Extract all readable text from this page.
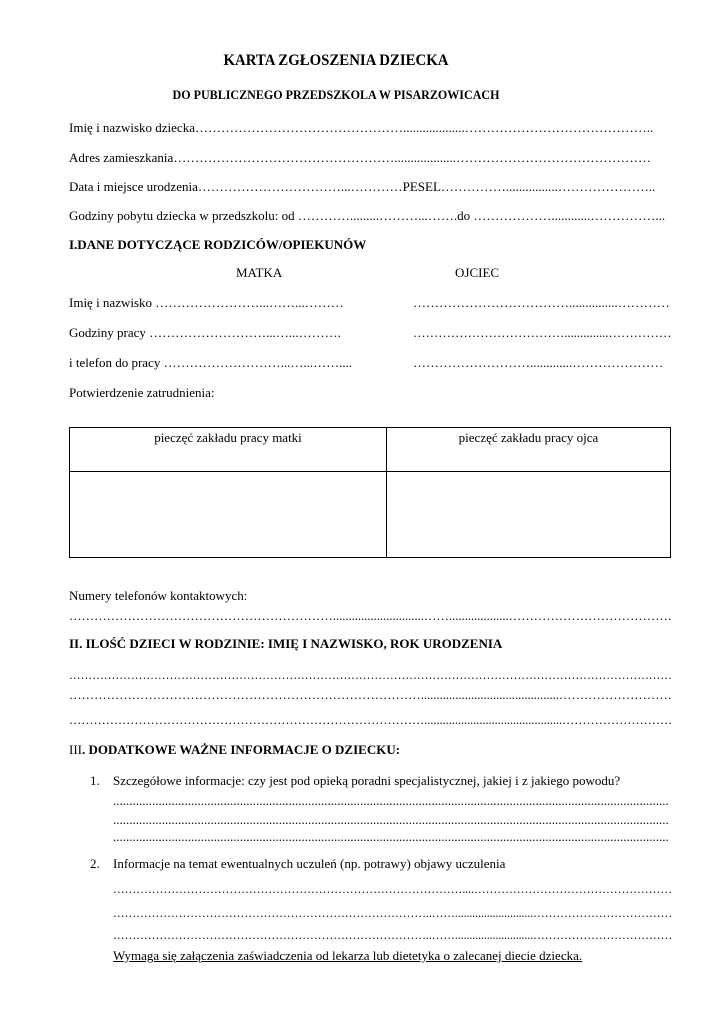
KARTA ZGŁOSZENIA DZIECKA
DO PUBLICZNEGO PRZEDSZKOLA W PISARZOWICACH
Imię i nazwisko dziecka…………………………………………...................……………………………………..
Adres zamieszkania……………………………………………...................………………………………………
Data i miejsce urodzenia……………………………...…………PESEL……………................…………………..
Godziny pobytu dziecka w przedszkolu: od ………….........………...…….do ………………............……………...
I.DANE DOTYCZĄCE RODZICÓW/OPIEKUNÓW
MATKA	OJCIEC
Imię i nazwisko ……………………...……...………	………………………………...............…………
Godziny pracy ………………………...…...……….	………………………………..............……………
i telefon do pracy ………………………...…...……....	……………………….............…………………
Potwierdzenie zatrudnienia:
pieczęć zakładu pracy matki	pieczęć zakładu pracy ojca
Numery telefonów kontaktowych:
……………………………………………………….............................……...................…………………………………
II. ILOŚĆ DZIECI W RODZINIE: IMIĘ I NAZWISKO, ROK URODZENIA
…………………………………………………………………………………………………………………………………………
…………………………………………………………………………............................................………………………
…………………………………………………………………………….............................................………………………
III. DODATKOWE WAŻNE INFORMACJE O DZIECKU:
1. Szczegółowe informacje: czy jest pod opieką poradni specjalistycznej, jakiej i z jakiego powodu?
...........................................................................................................................................................................
...........................................................................................................................................................................
...........................................................................................................................................................................
2. Informacje na temat ewentualnych uczuleń (np. potrawy) objawy uczulenia
………………………………………………………………………………....……………………………………………
………………………………………………………………………..……...........................………………………………
………………………………………………………………………..……...........................………………………………
Wymaga się załączenia zaświadczenia od lekarza lub dietetyka o zalecanej diecie dziecka.
